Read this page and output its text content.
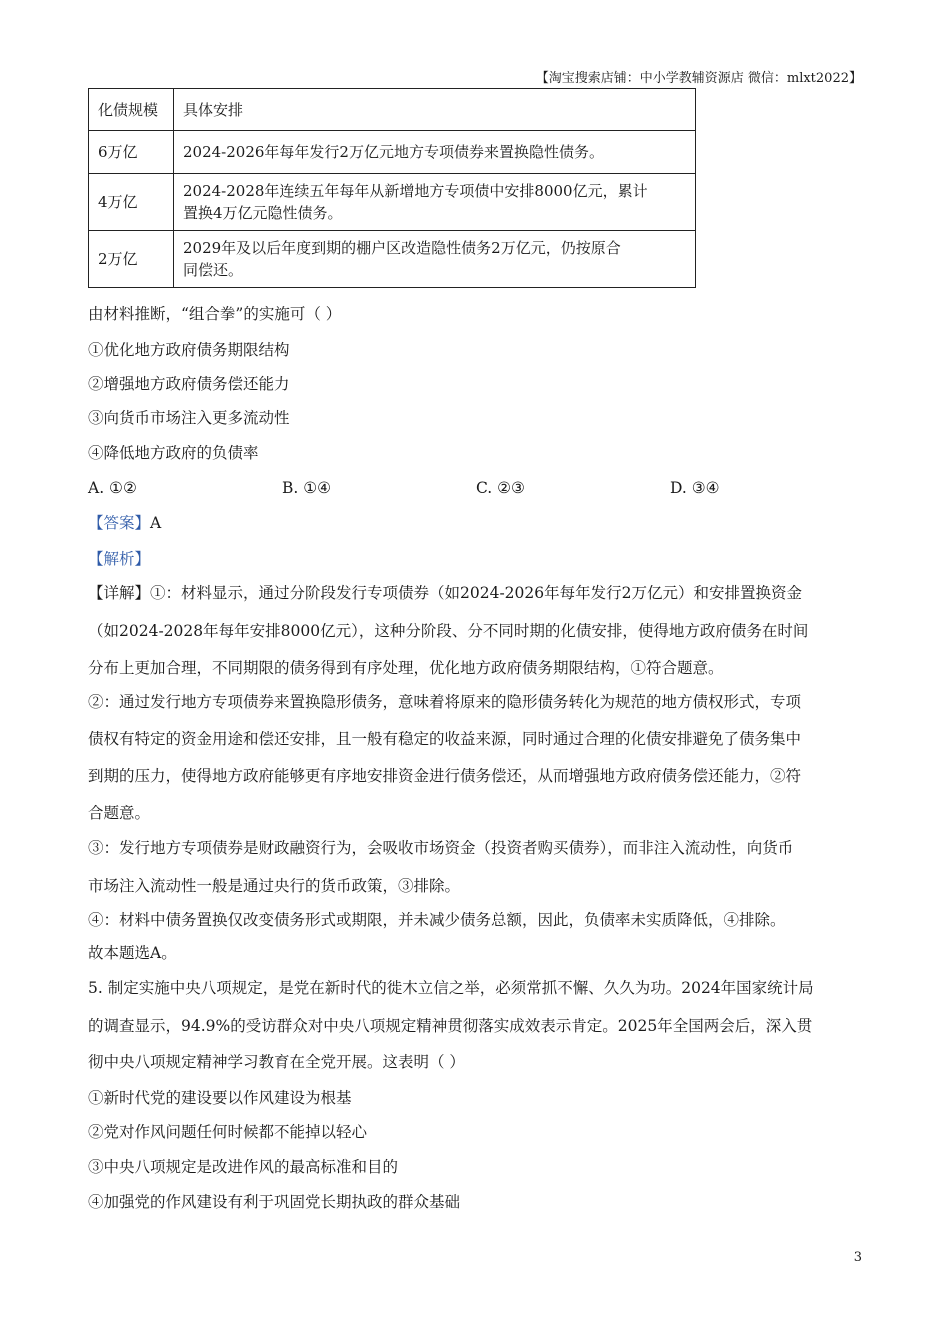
【淘宝搜索店铺：中小学教辅资源店 微信：mlxt2022】
化债规模	具体安排
6万亿	2024-2026年每年发行2万亿元地方专项债券来置换隐性债务。
4万亿	2024-2028年连续五年每年从新增地方专项债中安排8000亿元，累计
置换4万亿元隐性债务。
2万亿	2029年及以后年度到期的棚户区改造隐性债务2万亿元，仍按原合
同偿还。
由材料推断，“组合拳”的实施可（ ）
①优化地方政府债务期限结构
②增强地方政府债务偿还能力
③向货币市场注入更多流动性
④降低地方政府的负债率
A. ①②	B. ①④	C. ②③	D. ③④
【答案】A
【解析】
【详解】①：材料显示，通过分阶段发行专项债券（如2024-2026年每年发行2万亿元）和安排置换资金
（如2024-2028年每年安排8000亿元），这种分阶段、分不同时期的化债安排，使得地方政府债务在时间
分布上更加合理，不同期限的债务得到有序处理，优化地方政府债务期限结构，①符合题意。
②：通过发行地方专项债券来置换隐形债务，意味着将原来的隐形债务转化为规范的地方债权形式，专项
债权有特定的资金用途和偿还安排，且一般有稳定的收益来源，同时通过合理的化债安排避免了债务集中
到期的压力，使得地方政府能够更有序地安排资金进行债务偿还，从而增强地方政府债务偿还能力，②符
合题意。
③：发行地方专项债券是财政融资行为，会吸收市场资金（投资者购买债券），而非注入流动性，向货币
市场注入流动性一般是通过央行的货币政策，③排除。
④：材料中债务置换仅改变债务形式或期限，并未减少债务总额，因此，负债率未实质降低，④排除。
故本题选A。
5. 制定实施中央八项规定，是党在新时代的徙木立信之举，必须常抓不懈、久久为功。2024年国家统计局
的调查显示，94.9%的受访群众对中央八项规定精神贯彻落实成效表示肯定。2025年全国两会后，深入贯
彻中央八项规定精神学习教育在全党开展。这表明（ ）
①新时代党的建设要以作风建设为根基
②党对作风问题任何时候都不能掉以轻心
③中央八项规定是改进作风的最高标准和目的
④加强党的作风建设有利于巩固党长期执政的群众基础
3
